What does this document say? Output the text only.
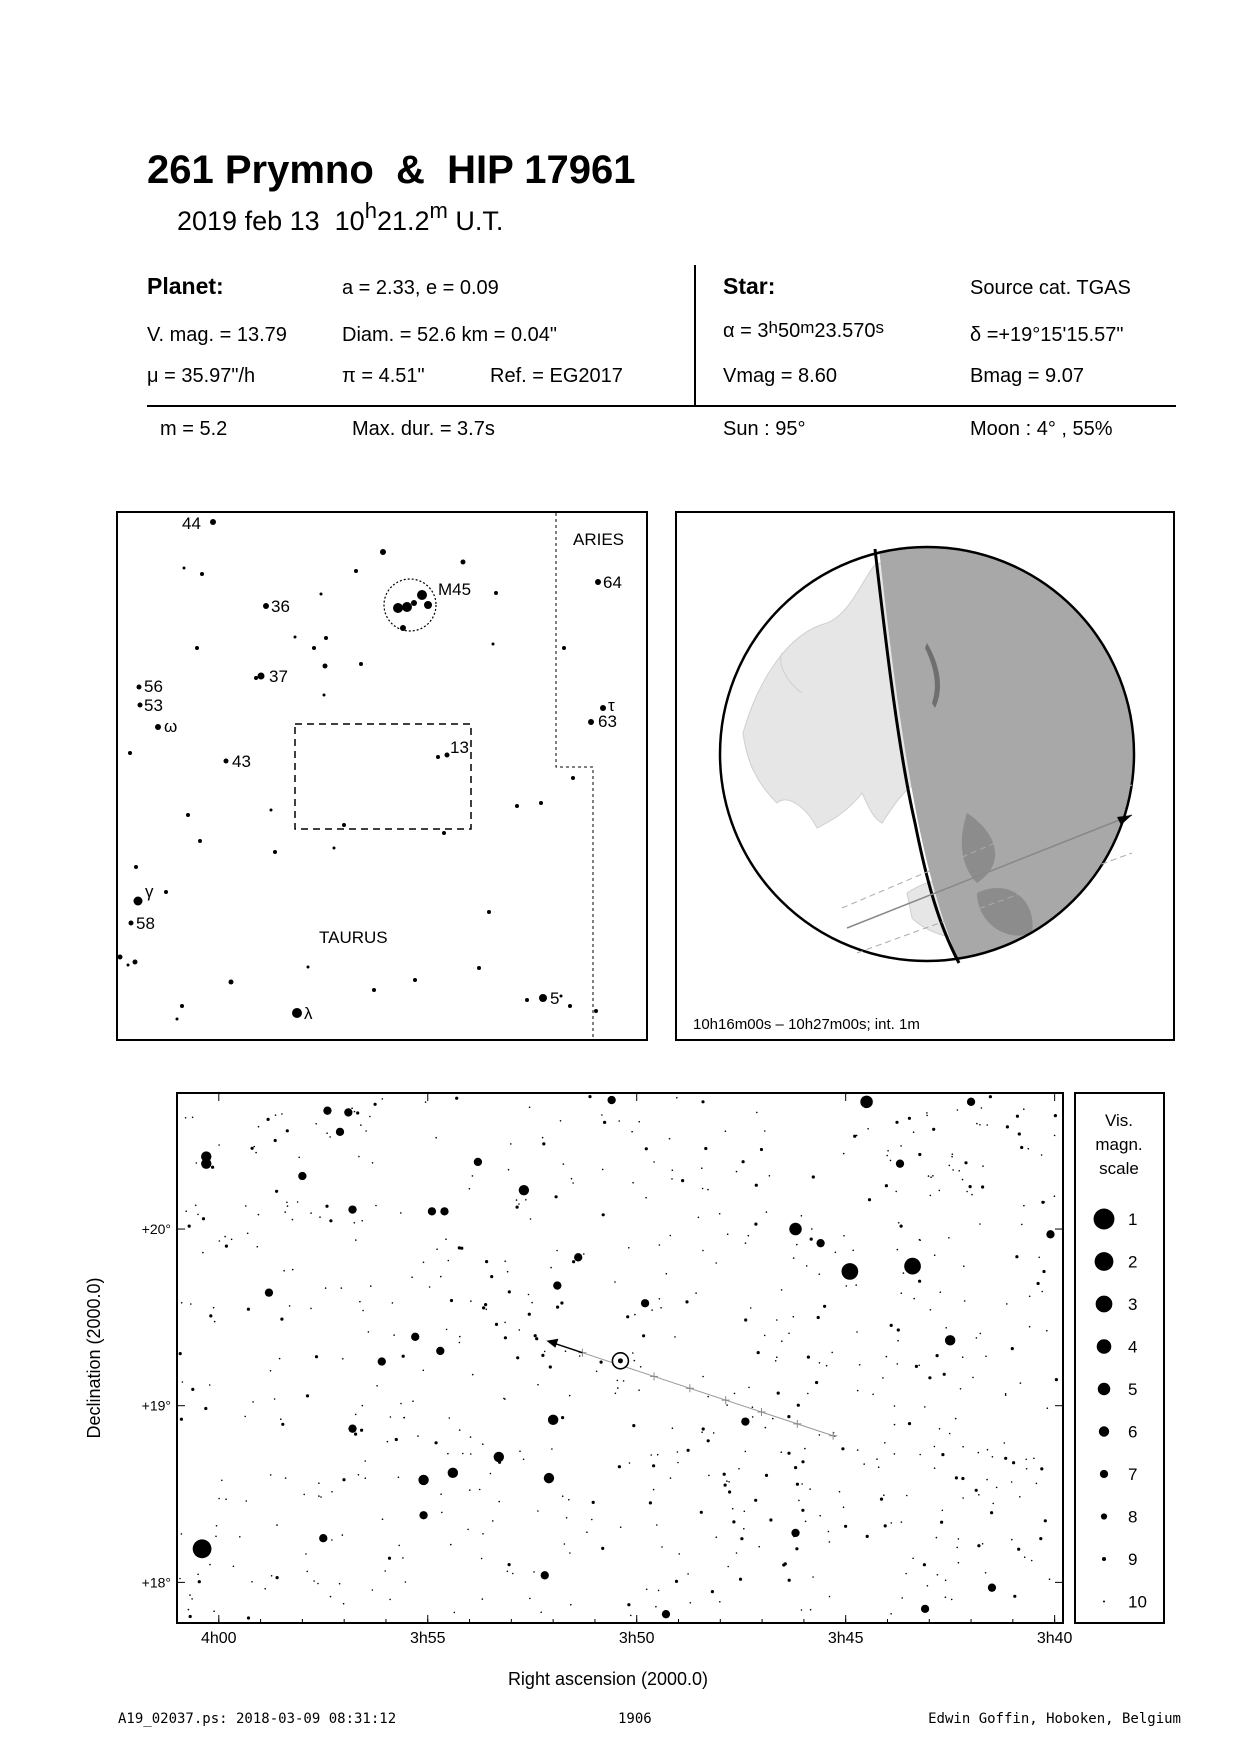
261 Prymno & HIP 17961
2019 feb 13 10$^h$21.2$^m$ U.T.
Planet:	a = 2.33, e = 0.09
V. mag. = 13.79	Diam. = 52.6 km = 0.04"
μ = 35.97"/h	π = 4.51"	Ref. = EG2017
Star:	Source cat. TGAS
$\alpha = 3^h50^m23.570^s$	δ =+19°15'15.57"
Vmag = 8.60	Bmag = 9.07
m = 5.2	Max. dur. = 3.7s	Sun : 95°	Moon : 4° , 55%
44
36
M45	64
56
53
ω
37
τ
63
43
13
γ
58
5
λ
ARIES
TAURUS
10h16m00s – 10h27m00s; int. 1m
4h00	3h55	3h50	3h45	3h40
+20°
+19°
+18°
Right ascension (2000.0)
Declination (2000.0)
Vis.
magn.
scale
1
2
3
4
5
6
7
8
9
10
A19_02037.ps: 2018-03-09 08:31:12	1906	Edwin Goffin, Hoboken, Belgium
